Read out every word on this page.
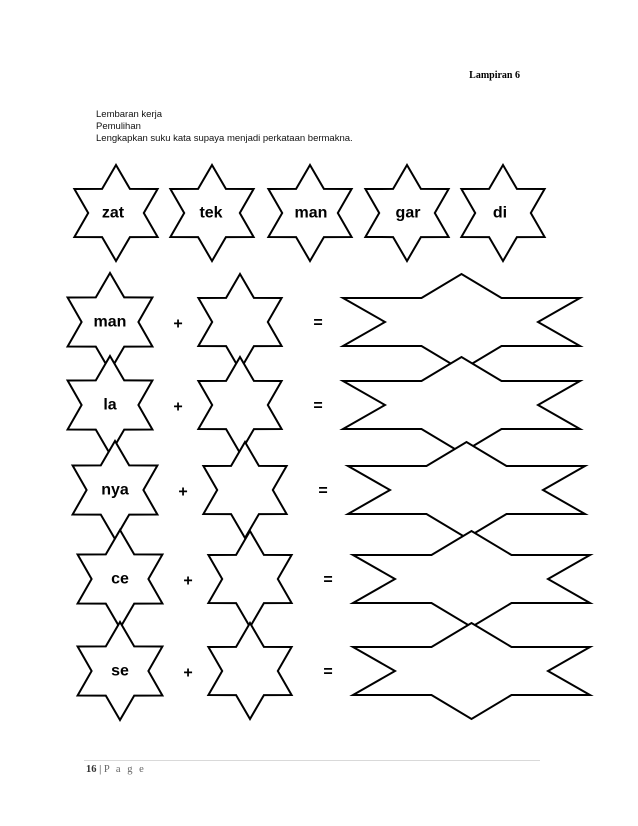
Lampiran 6
Lembaran kerja
Pemulihan
Lengkapkan suku kata supaya menjadi perkataan bermakna.
zat	tek	man	gar	di
man	+	=
la	+	=
nya	+	=
ce	+	=
se	+	=
16 | P a g e
